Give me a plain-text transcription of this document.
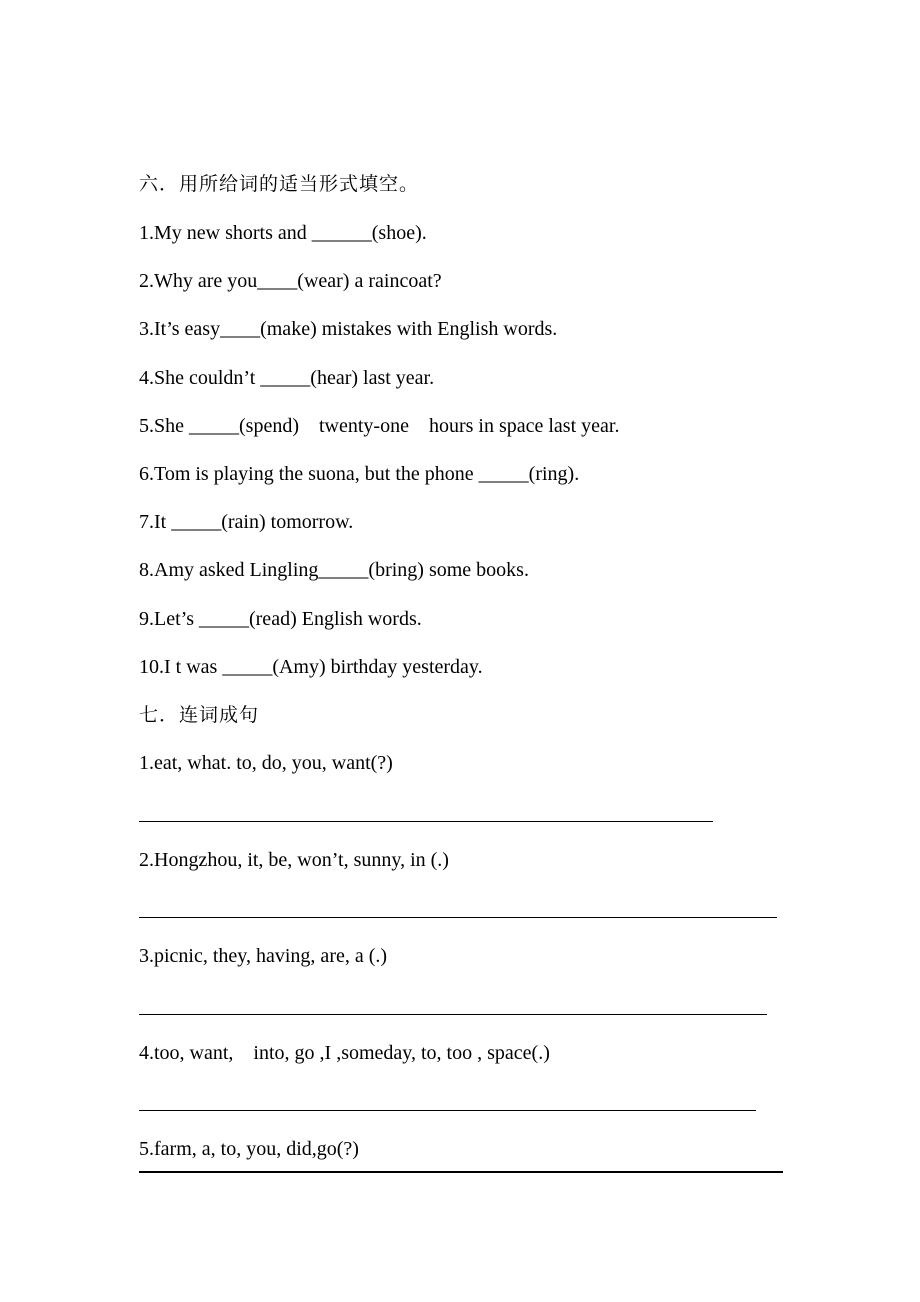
六．用所给词的适当形式填空。
1.My new shorts and ______(shoe).
2.Why are you____(wear) a raincoat?
3.It’s easy____(make) mistakes with English words.
4.She couldn’t _____(hear) last year.
5.She _____(spend)    twenty-one    hours in space last year.
6.Tom is playing the suona, but the phone _____(ring).
7.It _____(rain) tomorrow.
8.Amy asked Lingling_____(bring) some books.
9.Let’s _____(read) English words.
10.I t was _____(Amy) birthday yesterday.
七．连词成句
1.eat, what. to, do, you, want(?)
2.Hongzhou, it, be, won’t, sunny, in (.)
3.picnic, they, having, are, a (.)
4.too, want,    into, go ,I ,someday, to, too , space(.)
5.farm, a, to, you, did,go(?)
